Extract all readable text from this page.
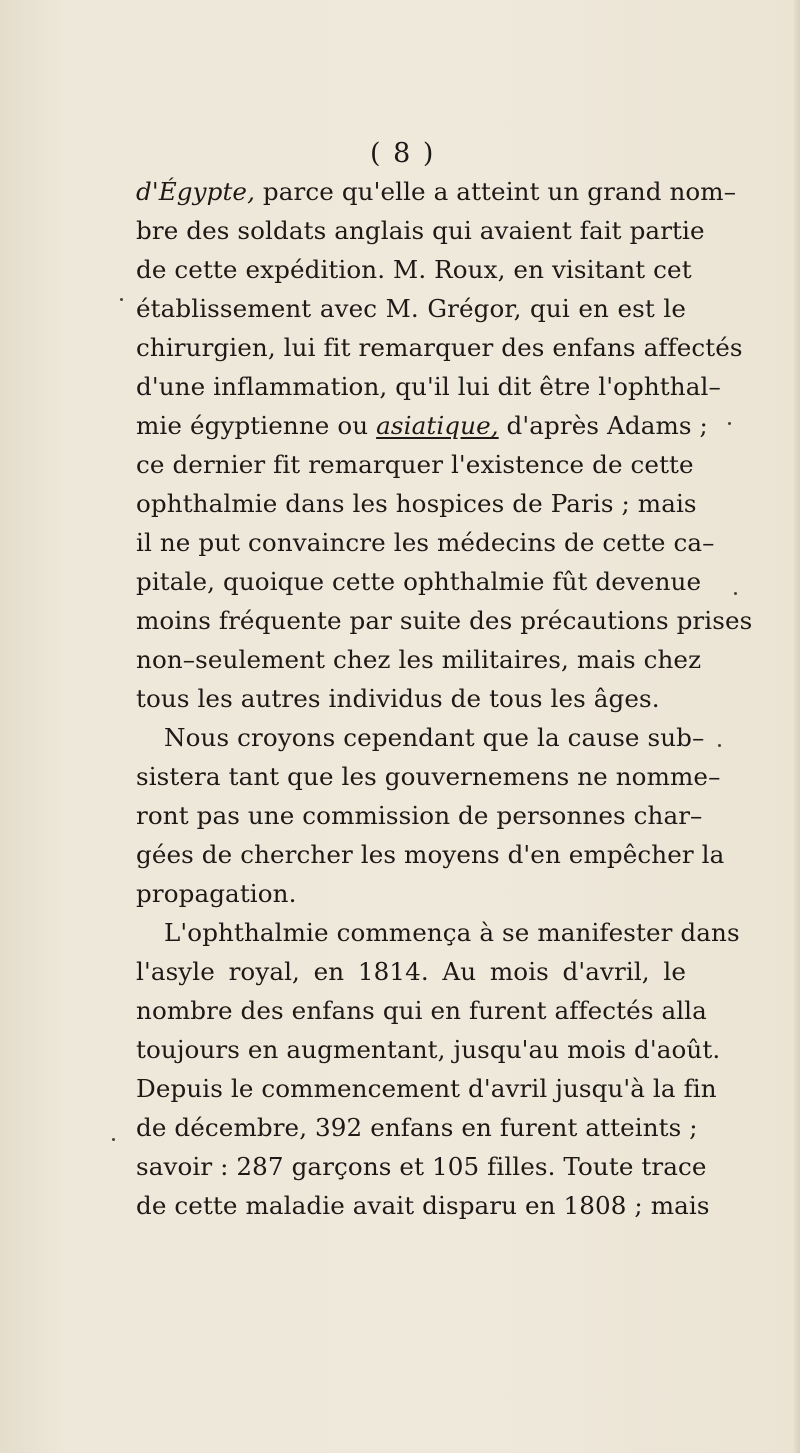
( 8 )
d'Égypte, parce qu'elle a atteint un grand nom–
bre des soldats anglais qui avaient fait partie
de cette expédition. M. Roux, en visitant cet
établissement avec M. Grégor, qui en est le
chirurgien, lui fit remarquer des enfans affectés
d'une inflammation, qu'il lui dit être l'ophthal–
mie égyptienne ou asiatique, d'après Adams ;
ce dernier fit remarquer l'existence de cette
ophthalmie dans les hospices de Paris ; mais
il ne put convaincre les médecins de cette ca–
pitale, quoique cette ophthalmie fût devenue
moins fréquente par suite des précautions prises
non–seulement chez les militaires, mais chez
tous les autres individus de tous les âges.
Nous croyons cependant que la cause sub–
sistera tant que les gouvernemens ne nomme–
ront pas une commission de personnes char–
gées de chercher les moyens d'en empêcher la
propagation.
L'ophthalmie commença à se manifester dans
l'asyle royal, en 1814. Au mois d'avril, le
nombre des enfans qui en furent affectés alla
toujours en augmentant, jusqu'au mois d'août.
Depuis le commencement d'avril jusqu'à la fin
de décembre, 392 enfans en furent atteints ;
savoir : 287 garçons et 105 filles. Toute trace
de cette maladie avait disparu en 1808 ; mais
